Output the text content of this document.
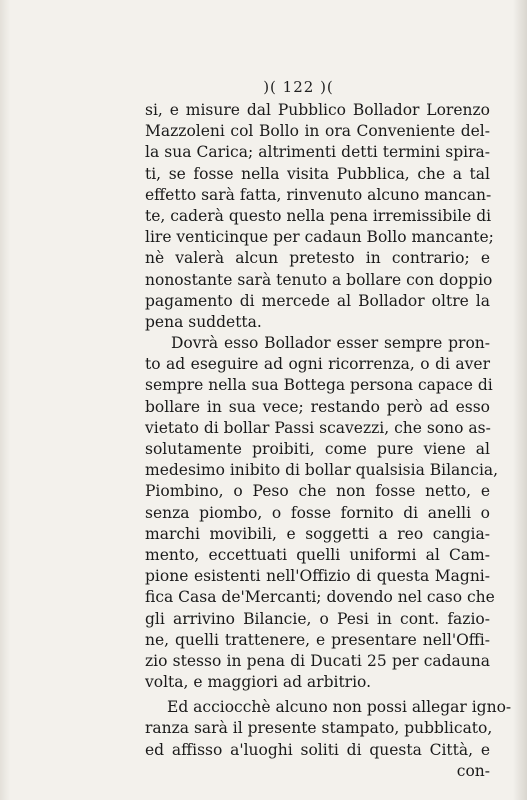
)( 122 )(
si, e misure dal Pubblico Bollador Lorenzo
Mazzoleni col Bollo in ora Conveniente del-
la sua Carica; altrimenti detti termini spira-
ti, se fosse nella visita Pubblica, che a tal
effetto sarà fatta, rinvenuto alcuno mancan-
te, caderà questo nella pena irremissibile di
lire venticinque per cadaun Bollo mancante;
nè valerà alcun pretesto in contrario; e
nonostante sarà tenuto a bollare con doppio
pagamento di mercede al Bollador oltre la
pena suddetta.
Dovrà esso Bollador esser sempre pron-
to ad eseguire ad ogni ricorrenza, o di aver
sempre nella sua Bottega persona capace di
bollare in sua vece; restando però ad esso
vietato di bollar Passi scavezzi, che sono as-
solutamente proibiti, come pure viene al
medesimo inibito di bollar qualsisia Bilancia,
Piombino, o Peso che non fosse netto, e
senza piombo, o fosse fornito di anelli o
marchi movibili, e soggetti a reo cangia-
mento, eccettuati quelli uniformi al Cam-
pione esistenti nell'Offizio di questa Magni-
fica Casa de'Mercanti; dovendo nel caso che
gli arrivino Bilancie, o Pesi in cont. fazio-
ne, quelli trattenere, e presentare nell'Offi-
zio stesso in pena di Ducati 25 per cadauna
volta, e maggiori ad arbitrio.
Ed acciocchè alcuno non possi allegar igno-
ranza sarà il presente stampato, pubblicato,
ed affisso a'luoghi soliti di questa Città, e
con-
